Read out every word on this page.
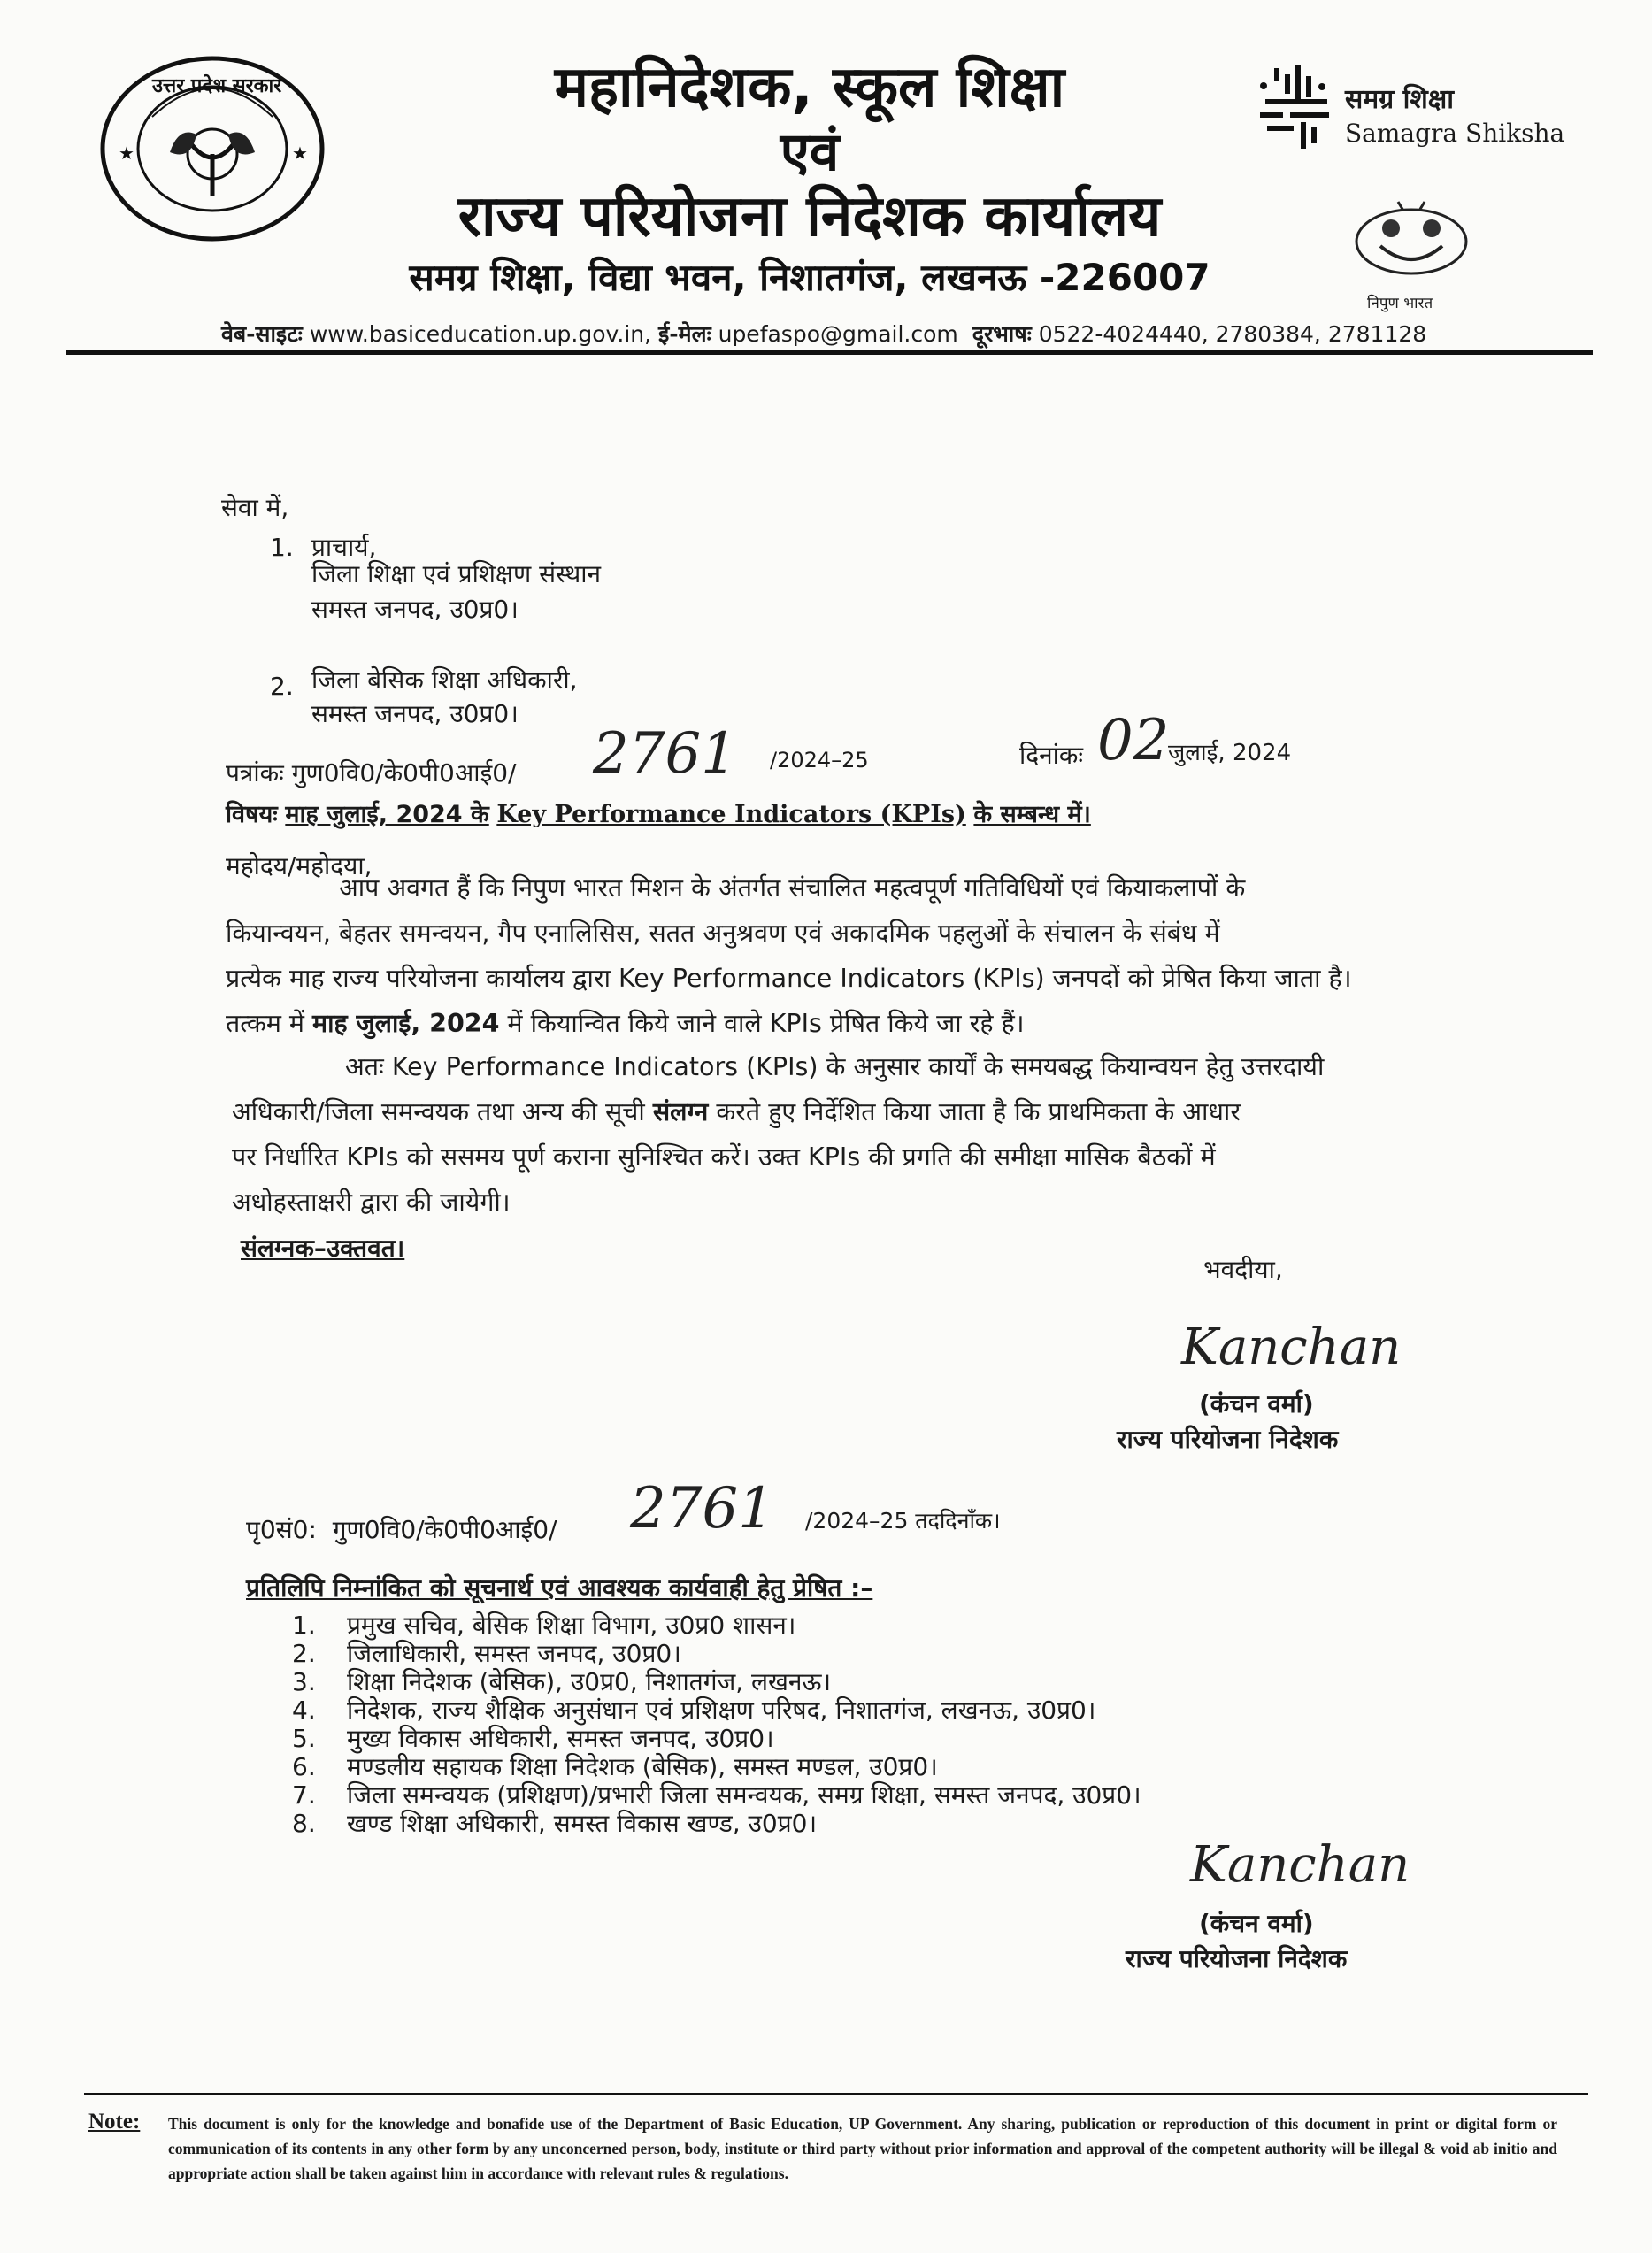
★	★
उत्तर प्रदेश सरकार	महानिदेशक, स्कूल शिक्षा
एवं
राज्य परियोजना निदेशक कार्यालय
समग्र शिक्षा, विद्या भवन, निशातगंज, लखनऊ -226007
समग्र शिक्षा
Samagra Shiksha
निपुण भारत
वेब-साइटः www.basiceducation.up.gov.in, ई-मेलः upefaspo@gmail.com दूरभाषः 0522-4024440, 2780384, 2781128
सेवा में,
1. प्राचार्य,
जिला शिक्षा एवं प्रशिक्षण संस्थान
समस्त जनपद, उ0प्र0।
2. जिला बेसिक शिक्षा अधिकारी,
समस्त जनपद, उ0प्र0।
पत्रांकः गुण0वि0/के0पी0आई0/ 2761 /2024–25	दिनांकः 02
जुलाई, 2024
विषयः माह जुलाई, 2024 के Key Performance Indicators (KPIs) के सम्बन्ध में।
महोदय/महोदया,
आप अवगत हैं कि निपुण भारत मिशन के अंतर्गत संचालित महत्वपूर्ण गतिविधियों एवं कियाकलापों के
कियान्वयन, बेहतर समन्वयन, गैप एनालिसिस, सतत अनुश्रवण एवं अकादमिक पहलुओं के संचालन के संबंध में
प्रत्येक माह राज्य परियोजना कार्यालय द्वारा Key Performance Indicators (KPIs) जनपदों को प्रेषित किया जाता है।
तत्कम में माह जुलाई, 2024 में कियान्वित किये जाने वाले KPIs प्रेषित किये जा रहे हैं।
अतः Key Performance Indicators (KPIs) के अनुसार कार्यों के समयबद्ध कियान्वयन हेतु उत्तरदायी
अधिकारी/जिला समन्वयक तथा अन्य की सूची संलग्न करते हुए निर्देशित किया जाता है कि प्राथमिकता के आधार
पर निर्धारित KPIs को ससमय पूर्ण कराना सुनिश्चित करें। उक्त KPIs की प्रगति की समीक्षा मासिक बैठकों में
अधोहस्ताक्षरी द्वारा की जायेगी।
संलग्नक–उक्तवत।
भवदीया,
Kanchan
(कंचन वर्मा)
राज्य परियोजना निदेशक
पृ0सं0: गुण0वि0/के0पी0आई0/ 2761 /2024–25 तददिनाँक।
प्रतिलिपि निम्नांकित को सूचनार्थ एवं आवश्यक कार्यवाही हेतु प्रेषित :–
1.	प्रमुख सचिव, बेसिक शिक्षा विभाग, उ0प्र0 शासन।
2.	जिलाधिकारी, समस्त जनपद, उ0प्र0।
3.	शिक्षा निदेशक (बेसिक), उ0प्र0, निशातगंज, लखनऊ।
4.	निदेशक, राज्य शैक्षिक अनुसंधान एवं प्रशिक्षण परिषद, निशातगंज, लखनऊ, उ0प्र0।
5.	मुख्य विकास अधिकारी, समस्त जनपद, उ0प्र0।
6.	मण्डलीय सहायक शिक्षा निदेशक (बेसिक), समस्त मण्डल, उ0प्र0।
7.	जिला समन्वयक (प्रशिक्षण)/प्रभारी जिला समन्वयक, समग्र शिक्षा, समस्त जनपद, उ0प्र0।
8.	खण्ड शिक्षा अधिकारी, समस्त विकास खण्ड, उ0प्र0।
Kanchan
(कंचन वर्मा)
राज्य परियोजना निदेशक
Note: This document is only for the knowledge and bonafide use of the Department of Basic Education, UP Government. Any sharing, publication or reproduction of this document in print or digital form or communication of its contents in any other form by any unconcerned person, body, institute or third party without prior information and approval of the competent authority will be illegal & void ab initio and appropriate action shall be taken against him in accordance with relevant rules & regulations.
